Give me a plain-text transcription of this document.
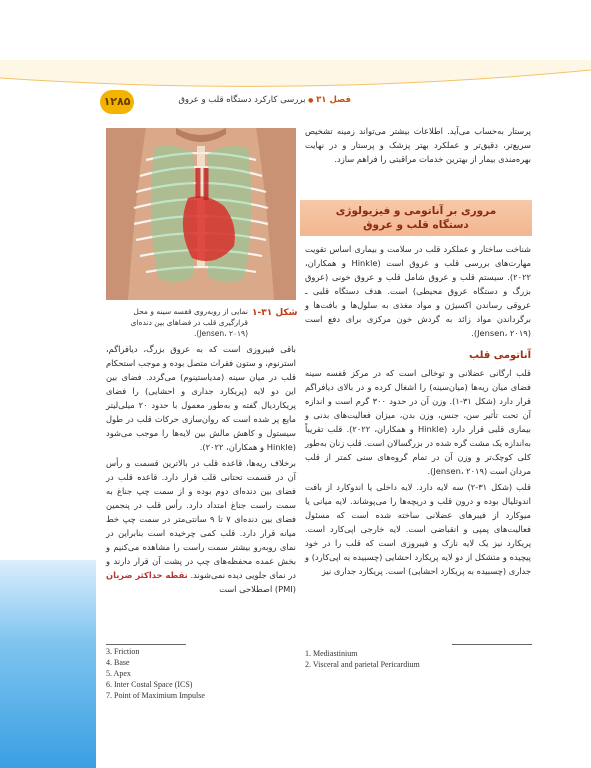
۱۲۸۵	فصل ۳۱ ● بررسی کارکرد دستگاه قلب و عروق

پرستار به‌حساب می‌آید. اطلاعات بیشتر می‌تواند زمینه تشخیص سریع‌تر، دقیق‌تر و عملکرد بهتر پزشک و پرستار و در نهایت بهره‌مندی بیمار از بهترین خدمات مراقبتی را فراهم سازد.

مروری بر آناتومی و فیزیولوژی
دستگاه قلب و عروق

شناخت ساختار و عملکرد قلب در سلامت و بیماری اساس تقویت مهارت‌های بررسی قلب و عروق است (Hinkle و همکاران، ۲۰۲۲). سیستم قلب و عروق شامل قلب و عروق خونی (عروق بزرگ و دستگاه عروق محیطی) است. هدف دستگاه قلبی ـ عروقی رساندن اکسیژن و مواد مغذی به سلول‌ها و بافت‌ها و برگرداندن مواد زائد به گردش خون مرکزی برای دفع است (Jensen، ۲۰۱۹).

آناتومی قلب

قلب ارگانی عضلانی و توخالی است که در مرکز قفسه سینه فضای میان ریه‌ها (میان‌سینه) را اشغال کرده و در بالای دیافراگم قرار دارد (شکل ۳۱-۱). وزن آن در حدود ۳۰۰ گرم است و اندازه آن تحت تأثیر سن، جنس، وزن بدن، میزان فعالیت‌های بدنی و بیماری قلبی قرار دارد (Hinkle و همکاران، ۲۰۲۲). قلب تقریباً به‌اندازه یک مشت گره شده در بزرگسالان است. قلب زنان به‌طور کلی کوچک‌تر و وزن آن در تمام گروه‌های سنی کمتر از قلب مردان است (Jensen، ۲۰۱۹).

قلب (شکل ۳۱-۲) سه لایه دارد. لایه داخلی یا اندوکارد از بافت اندوتلیال بوده و درون قلب و دریچه‌ها را می‌پوشاند. لایه میانی یا میوکارد از فیبرهای عضلانی ساخته شده است که مسئول فعالیت‌های پمپی و انقباضی است. لایه خارجی اپی‌کارد است. پریکارد نیز یک لایه نازک و فیبروزی است که قلب را در خود پیچیده و متشکل از دو لایه پریکارد احشایی (چسبیده به اپی‌کارد) و جداری (چسبیده به پریکارد احشایی) است. پریکارد جداری نیز

1. Mediastinium
2. Visceral and parietal Pericardium
شکل ۳۱-۱
نمایی از روبه‌روی قفسه سینه و محل قرارگیری قلب در فضاهای بین دنده‌ای (Jensen، ۲۰۱۹).

باقی فیبروزی است که به عروق بزرگ، دیافراگم، استرنوم، و ستون فقرات متصل بوده و موجب استحکام قلب در میان سینه (مدیاستینوم) می‌گردد. فضای بین این دو لایه (پریکارد جداری و احشایی) را فضای پریکاردیال گفته و به‌طور معمول با حدود ۲۰ میلی‌لیتر مایع پر شده است که روان‌سازی حرکات قلب در طول سیستول و کاهش مالش بین لایه‌ها را موجب می‌شود (Hinkle و همکاران، ۲۰۲۲).

برخلاف ریه‌ها، قاعده قلب در بالاترین قسمت و رأس آن در قسمت تحتانی قلب قرار دارد. قاعده قلب در فضای بین دنده‌ای دوم بوده و از سمت چپ جناغ به سمت راست جناغ امتداد دارد. رأس قلب در پنجمین فضای بین دنده‌ای ۷ تا ۹ سانتی‌متر در سمت چپ خط میانه قرار دارد. قلب کمی چرخیده است بنابراین در نمای روبه‌رو بیشتر سمت راست را مشاهده می‌کنیم و بخش عمده محفظه‌های چپ در پشت آن قرار دارند و در نمای جلویی دیده نمی‌شوند. نقطه حداکثر ضربان (PMI) اصطلاحی است

3. Friction
4. Base
5. Apex
6. Inter Costal Space (ICS)
7. Point of Maximium Impulse
